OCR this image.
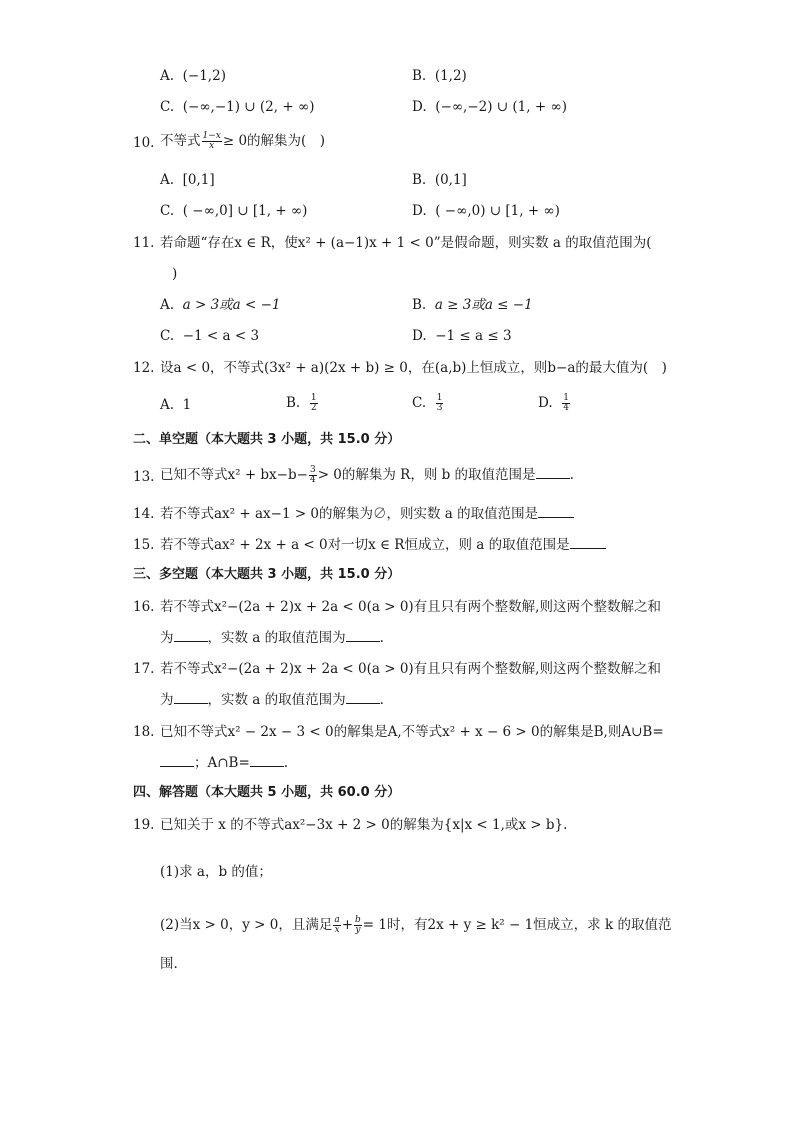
A. (−1,2)	B. (1,2)
C. (−∞,−1) ∪ (2, + ∞)	D. (−∞,−2) ∪ (1, + ∞)
10. 不等式 $\frac{1-x}{x} \ge 0$的解集为(　)
A. [0,1]	B. (0,1]
C. ( −∞,0] ∪ [1, + ∞)	D. ( −∞,0) ∪ [1, + ∞)
11. 若命题“存在x ∈ R，使x² + (a−1)x + 1 < 0”是假命题，则实数 a 的取值范围为(
)
A. a > 3或a < −1	B. a ≥ 3或a ≤ −1
C. −1 < a < 3	D. −1 ≤ a ≤ 3
12. 设a < 0，不等式(3x² + a)(2x + b) ≥ 0，在(a,b)上恒成立，则b−a的最大值为(　)
A. 1	B. $\frac{1}{2}$	C. $\frac{1}{3}$	D. $\frac{1}{4}$
二、单空题（本大题共 3 小题，共 15.0 分）
13. 已知不等式$x^2 + bx-b- \frac{3}{4} > 0$的解集为 R，则 b 的取值范围是	.
14. 若不等式ax² + ax−1 > 0的解集为∅，则实数 a 的取值范围是
15. 若不等式ax² + 2x + a < 0对一切x ∈ R恒成立，则 a 的取值范围是
三、多空题（本大题共 3 小题，共 15.0 分）
16. 若不等式x²−(2a + 2)x + 2a < 0(a > 0)有且只有两个整数解,则这两个整数解之和
为	，实数 a 的取值范围为	.
17. 若不等式x²−(2a + 2)x + 2a < 0(a > 0)有且只有两个整数解,则这两个整数解之和
为	，实数 a 的取值范围为	.
18. 已知不等式x² − 2x − 3 < 0的解集是A,不等式x² + x − 6 > 0的解集是B,则A∪B=
；A∩B=	.
四、解答题（本大题共 5 小题，共 60.0 分）
19. 已知关于 x 的不等式ax²−3x + 2 > 0的解集为{x|x < 1,或x > b}.
(1)求 a，b 的值；
(2)当x > 0，y > 0，且满足 $\frac{a}{x} + \frac{b}{y} = 1$时，有2x + y ≥ k² − 1恒成立，求 k 的取值范
围.
